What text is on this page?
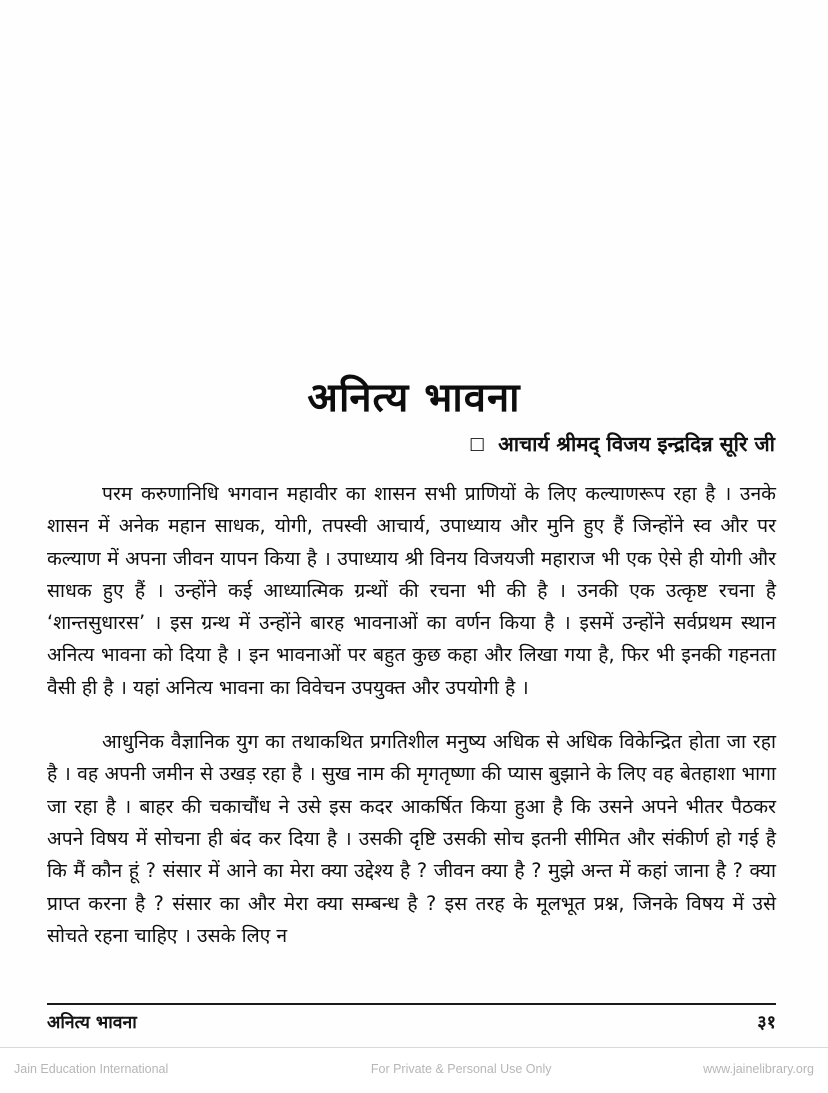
अनित्य भावना
□ आचार्य श्रीमद् विजय इन्द्रदिन्न सूरि जी

परम करुणानिधि भगवान महावीर का शासन सभी प्राणियों के लिए कल्याणरूप रहा है । उनके शासन में अनेक महान साधक, योगी, तपस्वी आचार्य, उपाध्याय और मुनि हुए हैं जिन्होंने स्व और पर कल्याण में अपना जीवन यापन किया है । उपाध्याय श्री विनय विजयजी महाराज भी एक ऐसे ही योगी और साधक हुए हैं । उन्होंने कई आध्यात्मिक ग्रन्थों की रचना भी की है । उनकी एक उत्कृष्ट रचना है ‘शान्तसुधारस’ । इस ग्रन्थ में उन्होंने बारह भावनाओं का वर्णन किया है । इसमें उन्होंने सर्वप्रथम स्थान अनित्य भावना को दिया है । इन भावनाओं पर बहुत कुछ कहा और लिखा गया है, फिर भी इनकी गहनता वैसी ही है । यहां अनित्य भावना का विवेचन उपयुक्त और उपयोगी है ।

आधुनिक वैज्ञानिक युग का तथाकथित प्रगतिशील मनुष्य अधिक से अधिक विकेन्द्रित होता जा रहा है । वह अपनी जमीन से उखड़ रहा है । सुख नाम की मृगतृष्णा की प्यास बुझाने के लिए वह बेतहाशा भागा जा रहा है । बाहर की चकाचौंध ने उसे इस कदर आकर्षित किया हुआ है कि उसने अपने भीतर पैठकर अपने विषय में सोचना ही बंद कर दिया है । उसकी दृष्टि उसकी सोच इतनी सीमित और संकीर्ण हो गई है कि मैं कौन हूं ? संसार में आने का मेरा क्या उद्देश्य है ? जीवन क्या है ? मुझे अन्त में कहां जाना है ? क्या प्राप्त करना है ? संसार का और मेरा क्या सम्बन्ध है ? इस तरह के मूलभूत प्रश्न, जिनके विषय में उसे सोचते रहना चाहिए । उसके लिए न

अनित्य भावना	३१
Jain Education International	For Private & Personal Use Only	www.jainelibrary.org
